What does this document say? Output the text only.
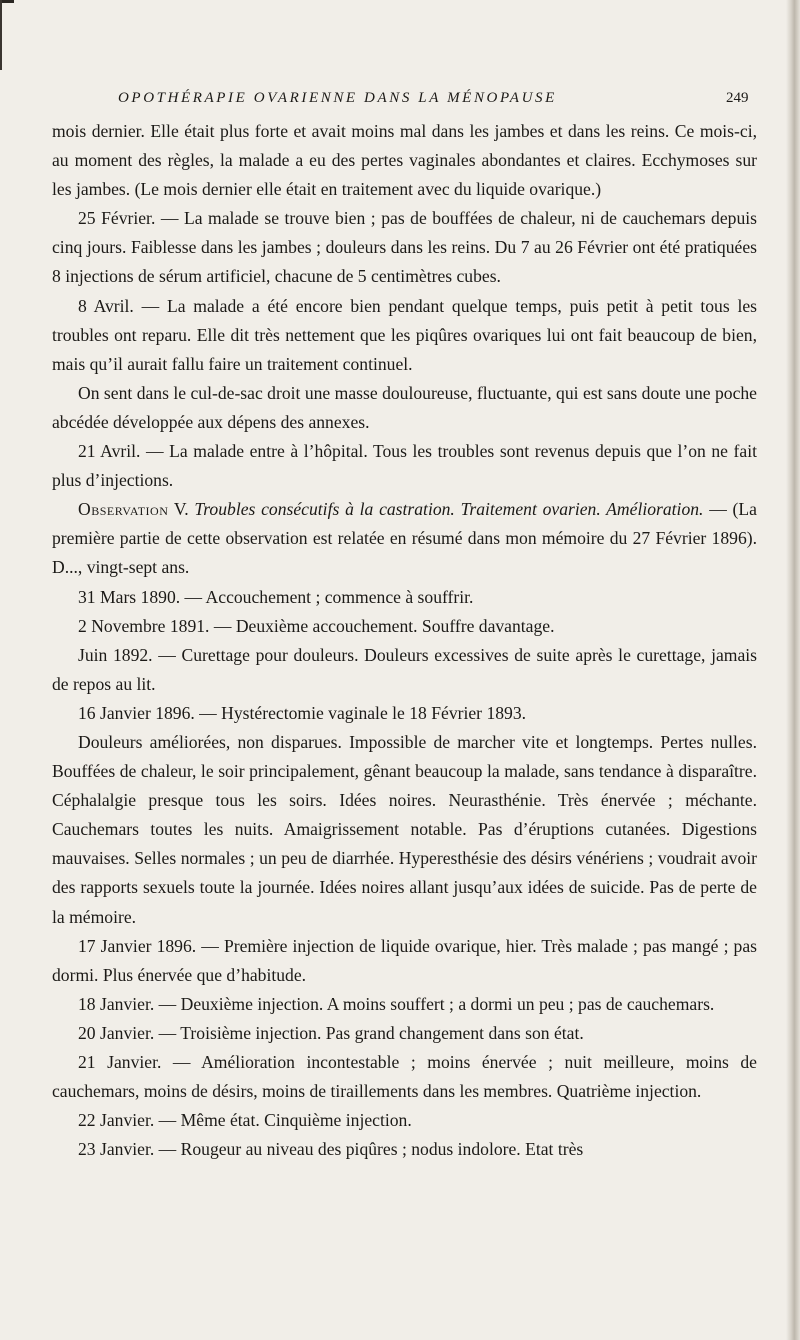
OPOTHÉRAPIE OVARIENNE DANS LA MÉNOPAUSE	249

mois dernier. Elle était plus forte et avait moins mal dans les jambes et dans les reins. Ce mois-ci, au moment des règles, la malade a eu des pertes vaginales abondantes et claires. Ecchymoses sur les jambes. (Le mois dernier elle était en traitement avec du liquide ovarique.)

25 Février. — La malade se trouve bien ; pas de bouffées de chaleur, ni de cauchemars depuis cinq jours. Faiblesse dans les jambes ; douleurs dans les reins. Du 7 au 26 Février ont été pratiquées 8 injections de sérum artificiel, chacune de 5 centimètres cubes.

8 Avril. — La malade a été encore bien pendant quelque temps, puis petit à petit tous les troubles ont reparu. Elle dit très nettement que les piqûres ovariques lui ont fait beaucoup de bien, mais qu’il aurait fallu faire un traitement continuel.

On sent dans le cul-de-sac droit une masse douloureuse, fluctuante, qui est sans doute une poche abcédée développée aux dépens des annexes.

21 Avril. — La malade entre à l’hôpital. Tous les troubles sont revenus depuis que l’on ne fait plus d’injections.

Observation V. Troubles consécutifs à la castration. Traitement ovarien. Amélioration. — (La première partie de cette observation est relatée en résumé dans mon mémoire du 27 Février 1896). D..., vingt-sept ans.

31 Mars 1890. — Accouchement ; commence à souffrir.

2 Novembre 1891. — Deuxième accouchement. Souffre davantage.

Juin 1892. — Curettage pour douleurs. Douleurs excessives de suite après le curettage, jamais de repos au lit.

16 Janvier 1896. — Hystérectomie vaginale le 18 Février 1893.

Douleurs améliorées, non disparues. Impossible de marcher vite et longtemps. Pertes nulles. Bouffées de chaleur, le soir principalement, gênant beaucoup la malade, sans tendance à disparaître. Céphalalgie presque tous les soirs. Idées noires. Neurasthénie. Très énervée ; méchante. Cauchemars toutes les nuits. Amaigrissement notable. Pas d’éruptions cutanées. Digestions mauvaises. Selles normales ; un peu de diarrhée. Hyperesthésie des désirs vénériens ; voudrait avoir des rapports sexuels toute la journée. Idées noires allant jusqu’aux idées de suicide. Pas de perte de la mémoire.

17 Janvier 1896. — Première injection de liquide ovarique, hier. Très malade ; pas mangé ; pas dormi. Plus énervée que d’habitude.

18 Janvier. — Deuxième injection. A moins souffert ; a dormi un peu ; pas de cauchemars.

20 Janvier. — Troisième injection. Pas grand changement dans son état.

21 Janvier. — Amélioration incontestable ; moins énervée ; nuit meilleure, moins de cauchemars, moins de désirs, moins de tiraillements dans les membres. Quatrième injection.

22 Janvier. — Même état. Cinquième injection.

23 Janvier. — Rougeur au niveau des piqûres ; nodus indolore. Etat très
